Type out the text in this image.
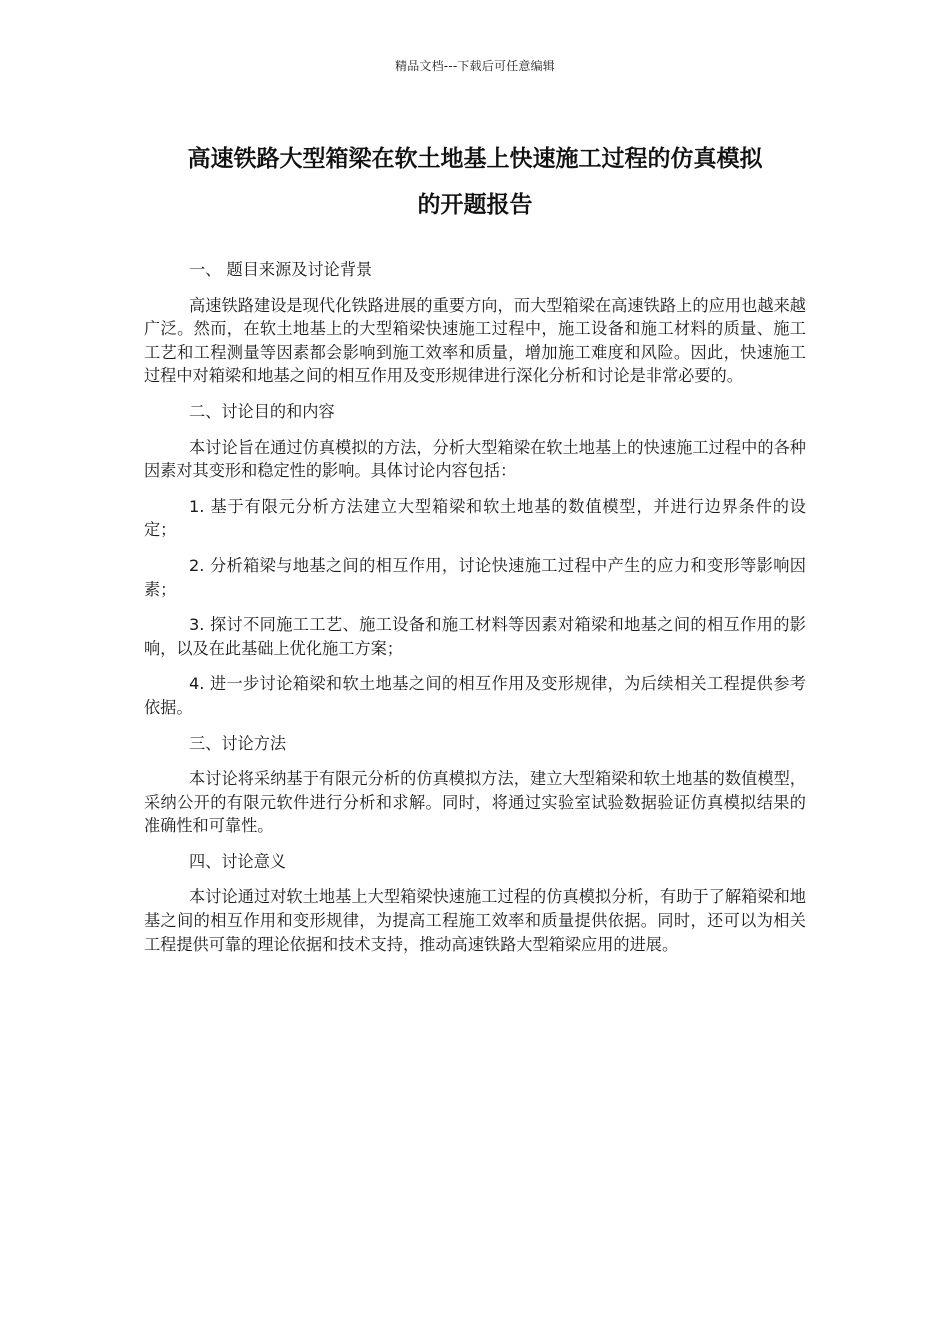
精品文档---下载后可任意编辑
高速铁路大型箱梁在软土地基上快速施工过程的仿真模拟
的开题报告

一、 题目来源及讨论背景

高速铁路建设是现代化铁路进展的重要方向，而大型箱梁在高速铁路上的应用也越来越广泛。然而，在软土地基上的大型箱梁快速施工过程中，施工设备和施工材料的质量、施工工艺和工程测量等因素都会影响到施工效率和质量，增加施工难度和风险。因此，快速施工过程中对箱梁和地基之间的相互作用及变形规律进行深化分析和讨论是非常必要的。

二、讨论目的和内容

本讨论旨在通过仿真模拟的方法，分析大型箱梁在软土地基上的快速施工过程中的各种因素对其变形和稳定性的影响。具体讨论内容包括：

1. 基于有限元分析方法建立大型箱梁和软土地基的数值模型，并进行边界条件的设定；

2. 分析箱梁与地基之间的相互作用，讨论快速施工过程中产生的应力和变形等影响因素；

3. 探讨不同施工工艺、施工设备和施工材料等因素对箱梁和地基之间的相互作用的影响，以及在此基础上优化施工方案；

4. 进一步讨论箱梁和软土地基之间的相互作用及变形规律，为后续相关工程提供参考依据。

三、讨论方法

本讨论将采纳基于有限元分析的仿真模拟方法，建立大型箱梁和软土地基的数值模型，采纳公开的有限元软件进行分析和求解。同时，将通过实验室试验数据验证仿真模拟结果的准确性和可靠性。

四、讨论意义

本讨论通过对软土地基上大型箱梁快速施工过程的仿真模拟分析，有助于了解箱梁和地基之间的相互作用和变形规律，为提高工程施工效率和质量提供依据。同时，还可以为相关工程提供可靠的理论依据和技术支持，推动高速铁路大型箱梁应用的进展。
